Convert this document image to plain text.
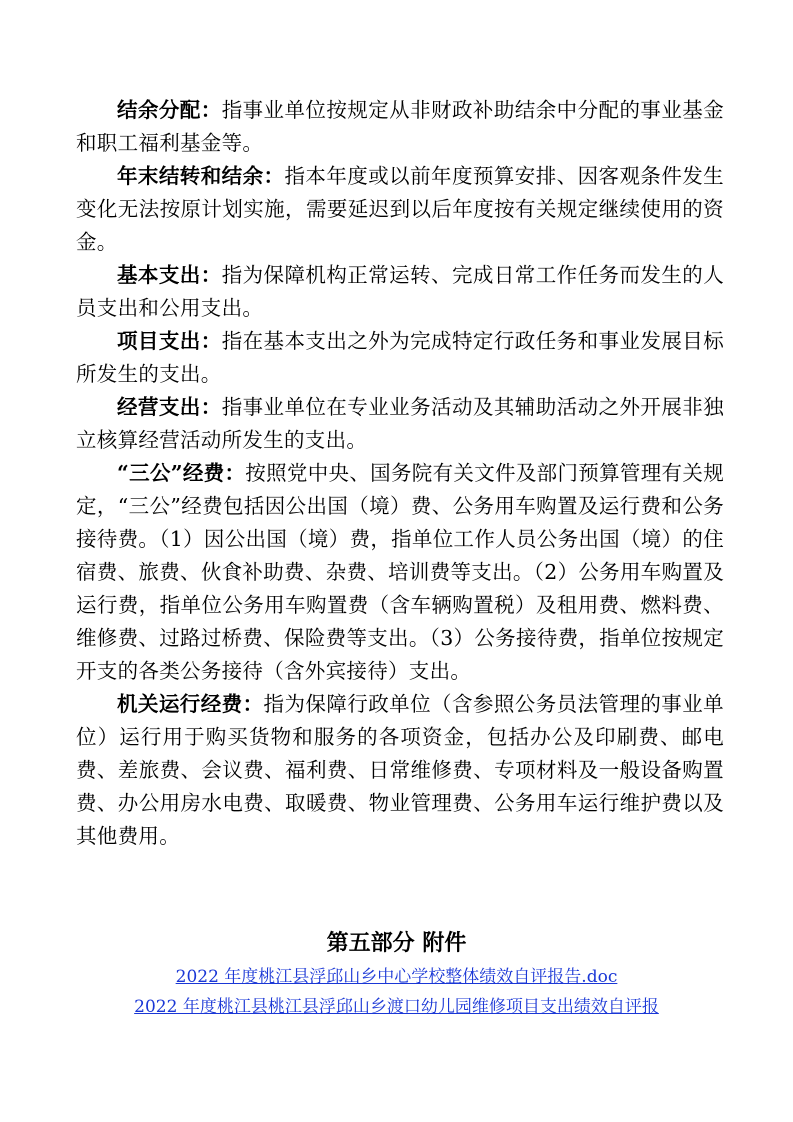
结余分配：指事业单位按规定从非财政补助结余中分配的事业基金和职工福利基金等。

年末结转和结余：指本年度或以前年度预算安排、因客观条件发生变化无法按原计划实施，需要延迟到以后年度按有关规定继续使用的资金。

基本支出：指为保障机构正常运转、完成日常工作任务而发生的人员支出和公用支出。

项目支出：指在基本支出之外为完成特定行政任务和事业发展目标所发生的支出。

经营支出：指事业单位在专业业务活动及其辅助活动之外开展非独立核算经营活动所发生的支出。

“三公”经费：按照党中央、国务院有关文件及部门预算管理有关规定，“三公”经费包括因公出国（境）费、公务用车购置及运行费和公务接待费。（1）因公出国（境）费，指单位工作人员公务出国（境）的住宿费、旅费、伙食补助费、杂费、培训费等支出。（2）公务用车购置及运行费，指单位公务用车购置费（含车辆购置税）及租用费、燃料费、维修费、过路过桥费、保险费等支出。（3）公务接待费，指单位按规定开支的各类公务接待（含外宾接待）支出。

机关运行经费：指为保障行政单位（含参照公务员法管理的事业单位）运行用于购买货物和服务的各项资金，包括办公及印刷费、邮电费、差旅费、会议费、福利费、日常维修费、专项材料及一般设备购置费、办公用房水电费、取暖费、物业管理费、公务用车运行维护费以及其他费用。

第五部分 附件
2022 年度桃江县浮邱山乡中心学校整体绩效自评报告.doc
2022 年度桃江县桃江县浮邱山乡渡口幼儿园维修项目支出绩效自评报
